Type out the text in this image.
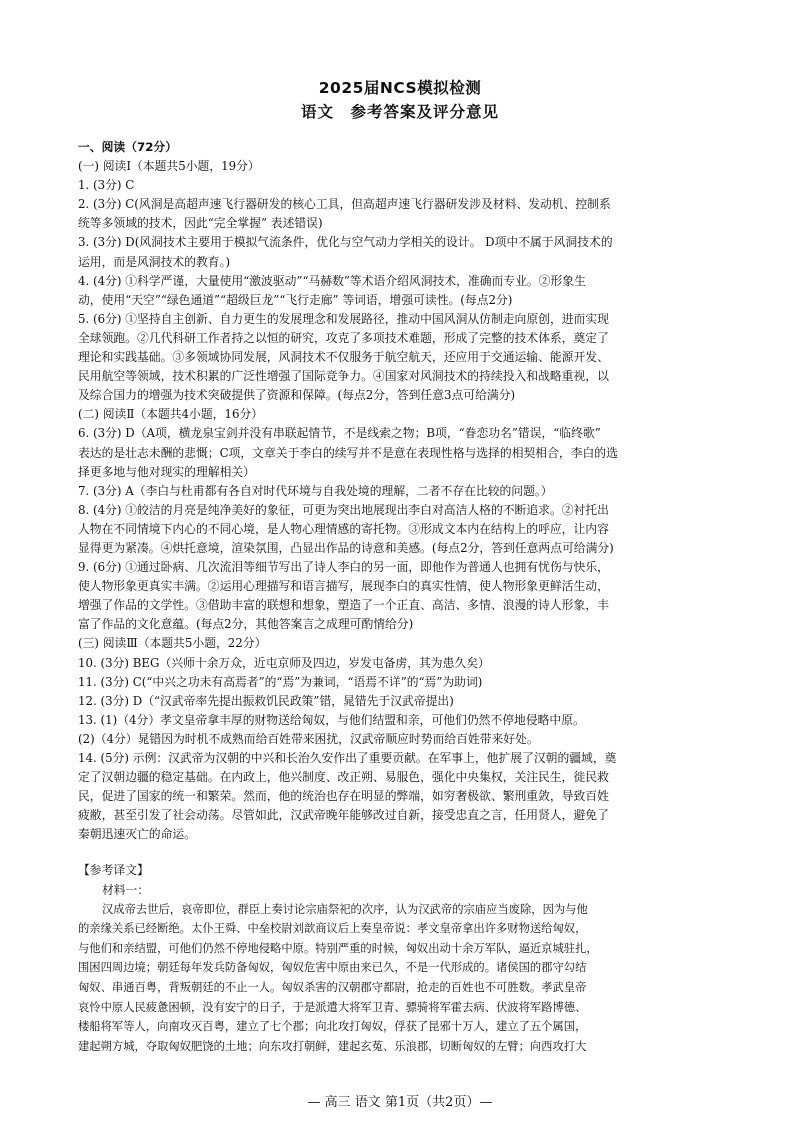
2025届NCS模拟检测
语文　参考答案及评分意见
一、阅读（72分）
(一) 阅读Ⅰ（本题共5小题，19分）
1. (3分) C
2. (3分) C(风洞是高超声速飞行器研发的核心工具，但高超声速飞行器研发涉及材料、发动机、控制系
统等多领域的技术，因此“完全掌握” 表述错误)
3. (3分) D(风洞技术主要用于模拟气流条件，优化与空气动力学相关的设计。 D项中不属于风洞技术的
运用，而是风洞技术的教育。)
4. (4分) ①科学严谨，大量使用“激波驱动”“马赫数”等术语介绍风洞技术，准确而专业。②形象生
动，使用“天空”“绿色通道”“超级巨龙”“飞行走廊” 等词语，增强可读性。(每点2分)
5. (6分) ①坚持自主创新、自力更生的发展理念和发展路径，推动中国风洞从仿制走向原创，进而实现
全球领跑。②几代科研工作者持之以恒的研究，攻克了多项技术难题，形成了完整的技术体系，奠定了
理论和实践基础。③多领域协同发展，风洞技术不仅服务于航空航天，还应用于交通运输、能源开发、
民用航空等领域，技术积累的广泛性增强了国际竞争力。④国家对风洞技术的持续投入和战略重视，以
及综合国力的增强为技术突破提供了资源和保障。(每点2分，答到任意3点可给满分)
(二) 阅读Ⅱ（本题共4小题，16分）
6. (3分) D（A项，横龙泉宝剑并没有串联起情节，不是线索之物；B项，“眷恋功名”错误，“临终歌”
表达的是壮志未酬的悲慨；C项，文章关于李白的续写并不是意在表现性格与选择的相契相合，李白的选
择更多地与他对现实的理解相关）
7. (3分) A（李白与杜甫都有各自对时代环境与自我处境的理解，二者不存在比较的问题。）
8. (4分) ①皎洁的月亮是纯净美好的象征，可更为突出地展现出李白对高洁人格的不断追求。②衬托出
人物在不同情境下内心的不同心境，是人物心理情感的寄托物。③形成文本内在结构上的呼应，让内容
显得更为紧凑。④烘托意境，渲染氛围，凸显出作品的诗意和美感。(每点2分，答到任意两点可给满分)
9. (6分) ①通过卧病、几次流泪等细节写出了诗人李白的另一面，即他作为普通人也拥有忧伤与快乐，
使人物形象更真实丰满。②运用心理描写和语言描写，展现李白的真实性情，使人物形象更鲜活生动，
增强了作品的文学性。③借助丰富的联想和想象，塑造了一个正直、高洁、多情、浪漫的诗人形象，丰
富了作品的文化意蕴。(每点2分，其他答案言之成理可酌情给分)
(三) 阅读Ⅲ（本题共5小题，22分）
10. (3分) BEG（兴师十余万众，近屯京师及四边，岁发屯备虏，其为患久矣）
11. (3分) C(“中兴之功未有高焉者”的“焉”为兼词，“语焉不详”的“焉”为助词)
12. (3分) D（“汉武帝率先提出振救饥民政策”错，晁错先于汉武帝提出)
13. (1)（4分）孝文皇帝拿丰厚的财物送给匈奴，与他们结盟和亲，可他们仍然不停地侵略中原。
(2)（4分）晁错因为时机不成熟而给百姓带来困扰，汉武帝顺应时势而给百姓带来好处。
14. (5分) 示例：汉武帝为汉朝的中兴和长治久安作出了重要贡献。在军事上，他扩展了汉朝的疆域，奠
定了汉朝边疆的稳定基础。在内政上，他兴制度、改正朔、易服色，强化中央集权，关注民生，徙民救
民，促进了国家的统一和繁荣。然而，他的统治也存在明显的弊端，如穷奢极欲、繁刑重敛，导致百姓
疲敝，甚至引发了社会动荡。尽管如此，汉武帝晚年能够改过自新，接受忠直之言，任用贤人，避免了
秦朝迅速灭亡的命运。
【参考译文】
材料一：
汉成帝去世后，哀帝即位，群臣上奏讨论宗庙祭祀的次序，认为汉武帝的宗庙应当废除，因为与他
的亲缘关系已经断绝。太仆王舜、中垒校尉刘歆商议后上奏皇帝说：孝文皇帝拿出许多财物送给匈奴，
与他们和亲结盟，可他们仍然不停地侵略中原。特别严重的时候，匈奴出动十余万军队，逼近京城驻扎，
围困四周边境；朝廷每年发兵防备匈奴，匈奴危害中原由来已久，不是一代形成的。诸侯国的郡守勾结
匈奴、串通百粤，背叛朝廷的不止一人。匈奴杀害的汉朝郡守都尉，抢走的百姓也不可胜数。孝武皇帝
哀怜中原人民疲惫困顿，没有安宁的日子，于是派遣大将军卫青、骠骑将军霍去病、伏波将军路博德、
楼船将军等人，向南攻灭百粤，建立了七个郡；向北攻打匈奴，俘获了昆邪十万人，建立了五个属国，
建起朔方城，夺取匈奴肥饶的土地；向东攻打朝鲜，建起玄菟、乐浪郡，切断匈奴的左臂；向西攻打大
— 高三 语文 第1页（共2页）—
